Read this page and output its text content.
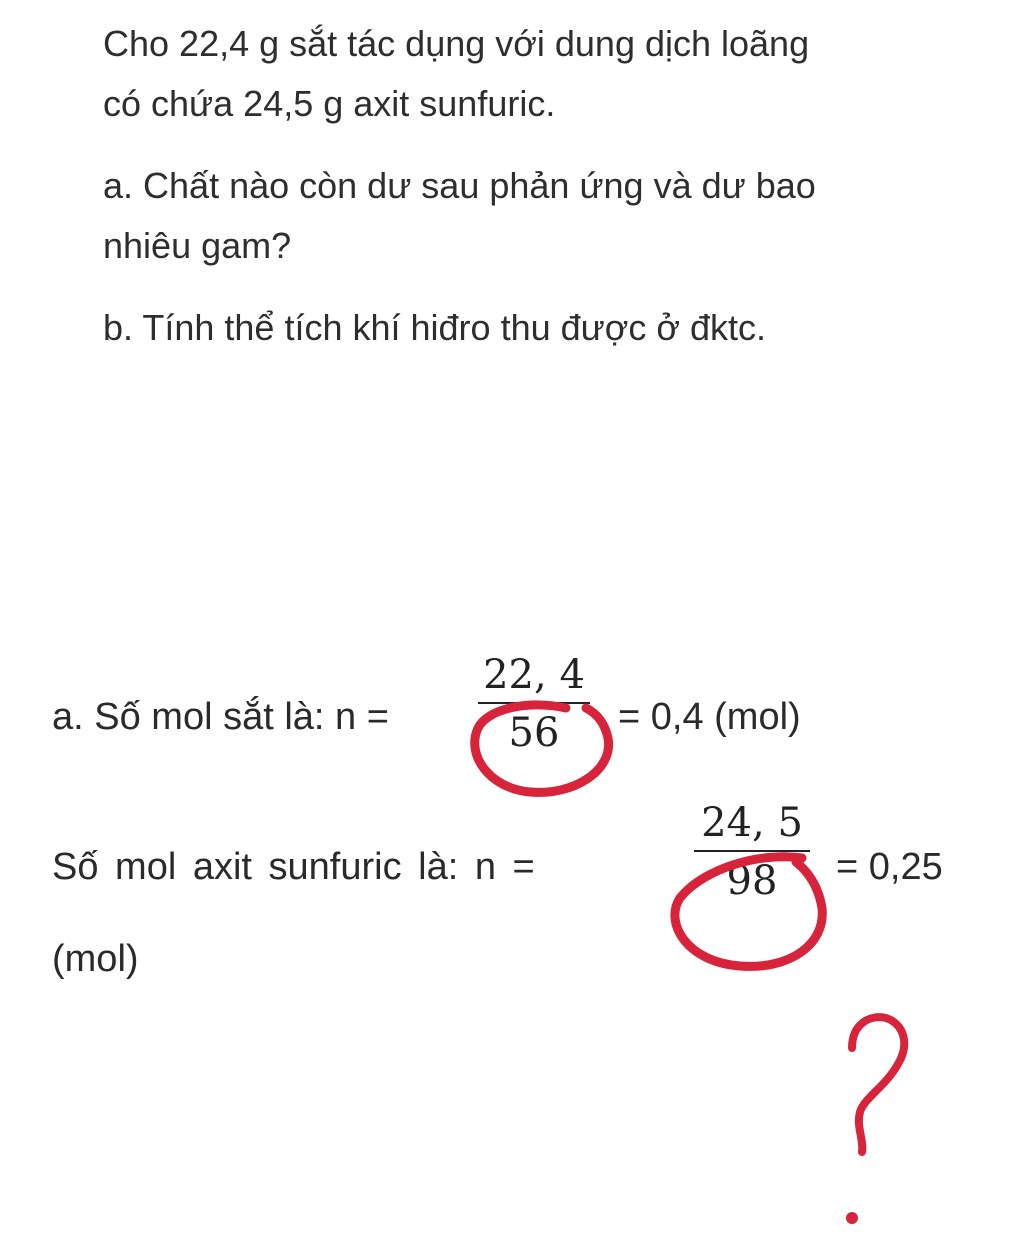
Cho 22,4 g sắt tác dụng với dung dịch loãng
có chứa 24,5 g axit sunfuric.

a. Chất nào còn dư sau phản ứng và dư bao
nhiêu gam?

b. Tính thể tích khí hiđro thu được ở đktc.

a. Số mol sắt là: n =
22, 4
56	= 0,4 (mol)
Số mol axit sunfuric là: n =
24, 5
98	= 0,25
(mol)
